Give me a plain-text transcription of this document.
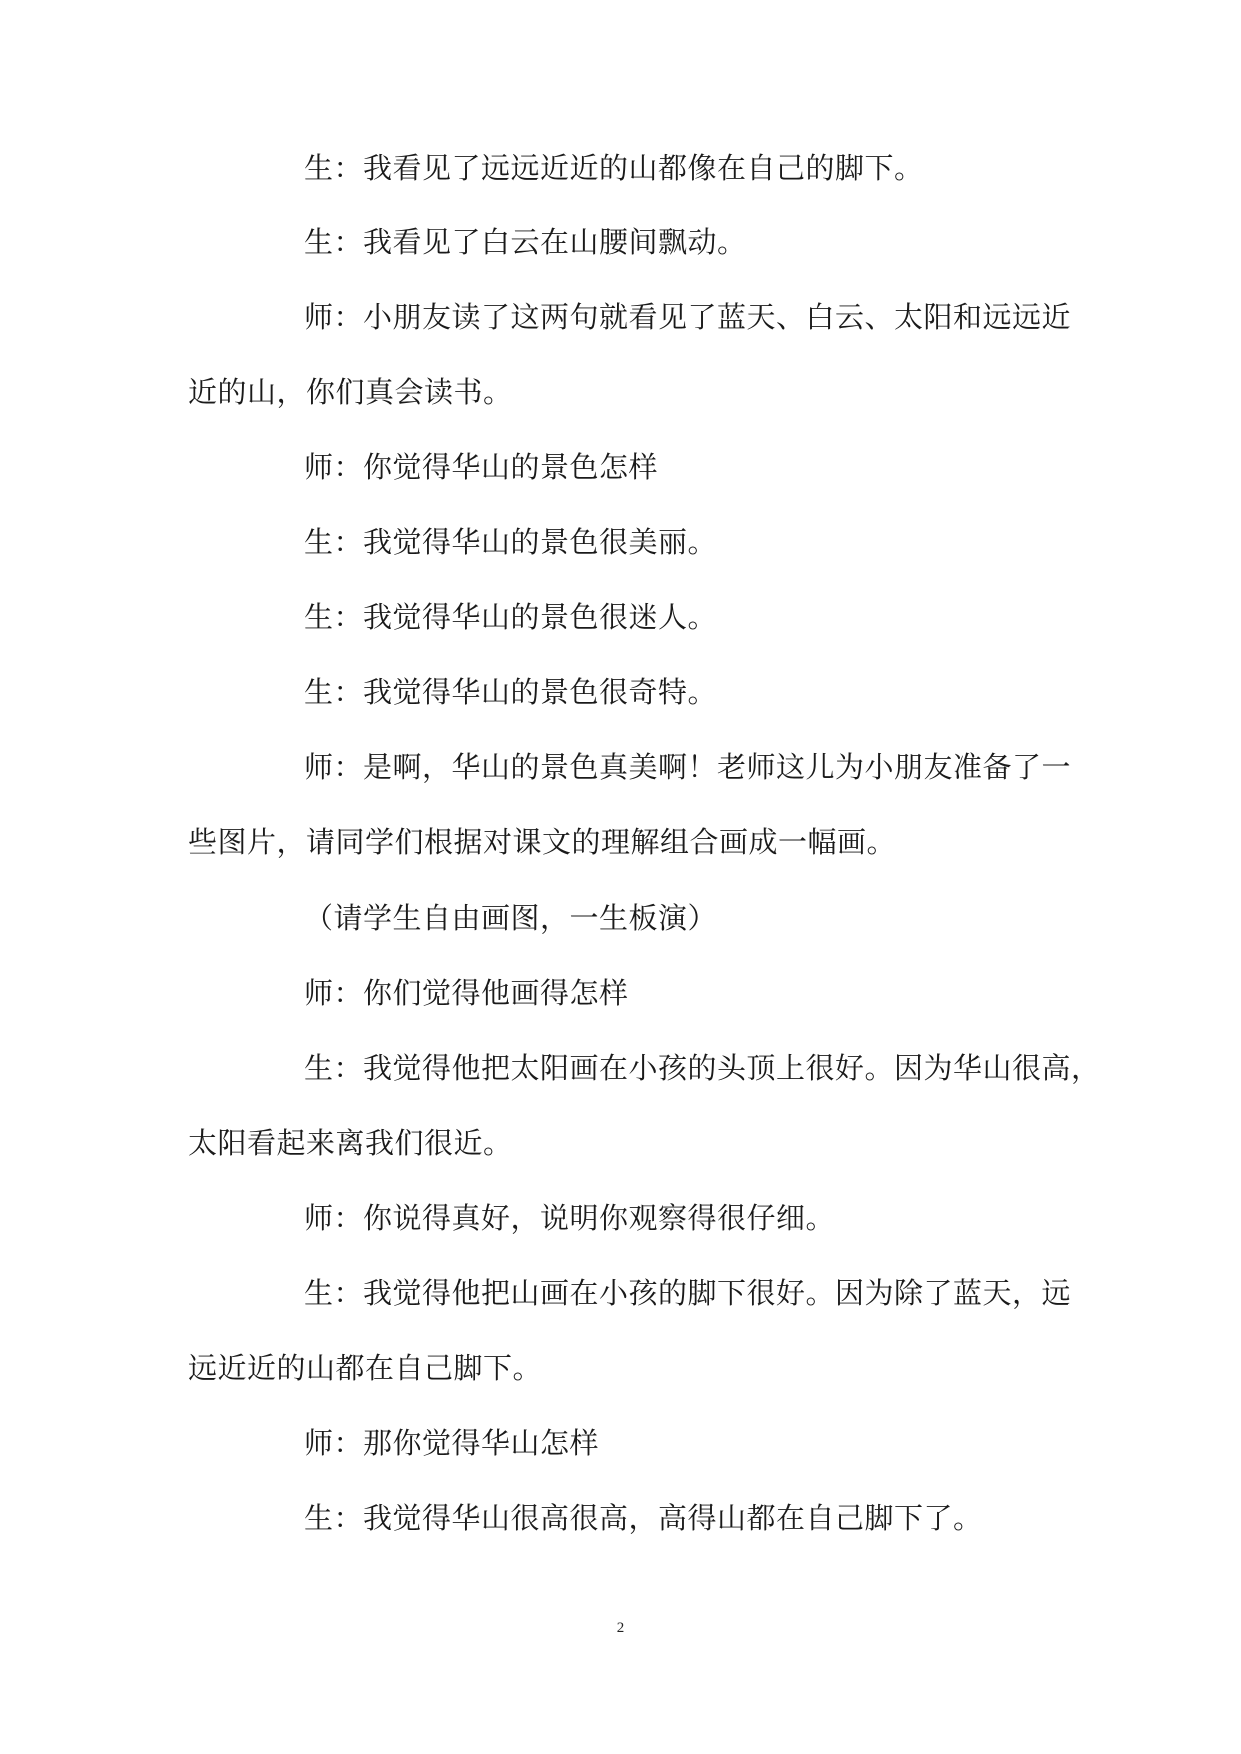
生：我看见了远远近近的山都像在自己的脚下。
生：我看见了白云在山腰间飘动。
师：小朋友读了这两句就看见了蓝天、白云、太阳和远远近
近的山，你们真会读书。
师：你觉得华山的景色怎样
生：我觉得华山的景色很美丽。
生：我觉得华山的景色很迷人。
生：我觉得华山的景色很奇特。
师：是啊，华山的景色真美啊！老师这儿为小朋友准备了一
些图片，请同学们根据对课文的理解组合画成一幅画。
（请学生自由画图，一生板演）
师：你们觉得他画得怎样
生：我觉得他把太阳画在小孩的头顶上很好。因为华山很高，
太阳看起来离我们很近。
师：你说得真好，说明你观察得很仔细。
生：我觉得他把山画在小孩的脚下很好。因为除了蓝天，远
远近近的山都在自己脚下。
师：那你觉得华山怎样
生：我觉得华山很高很高，高得山都在自己脚下了。
2
